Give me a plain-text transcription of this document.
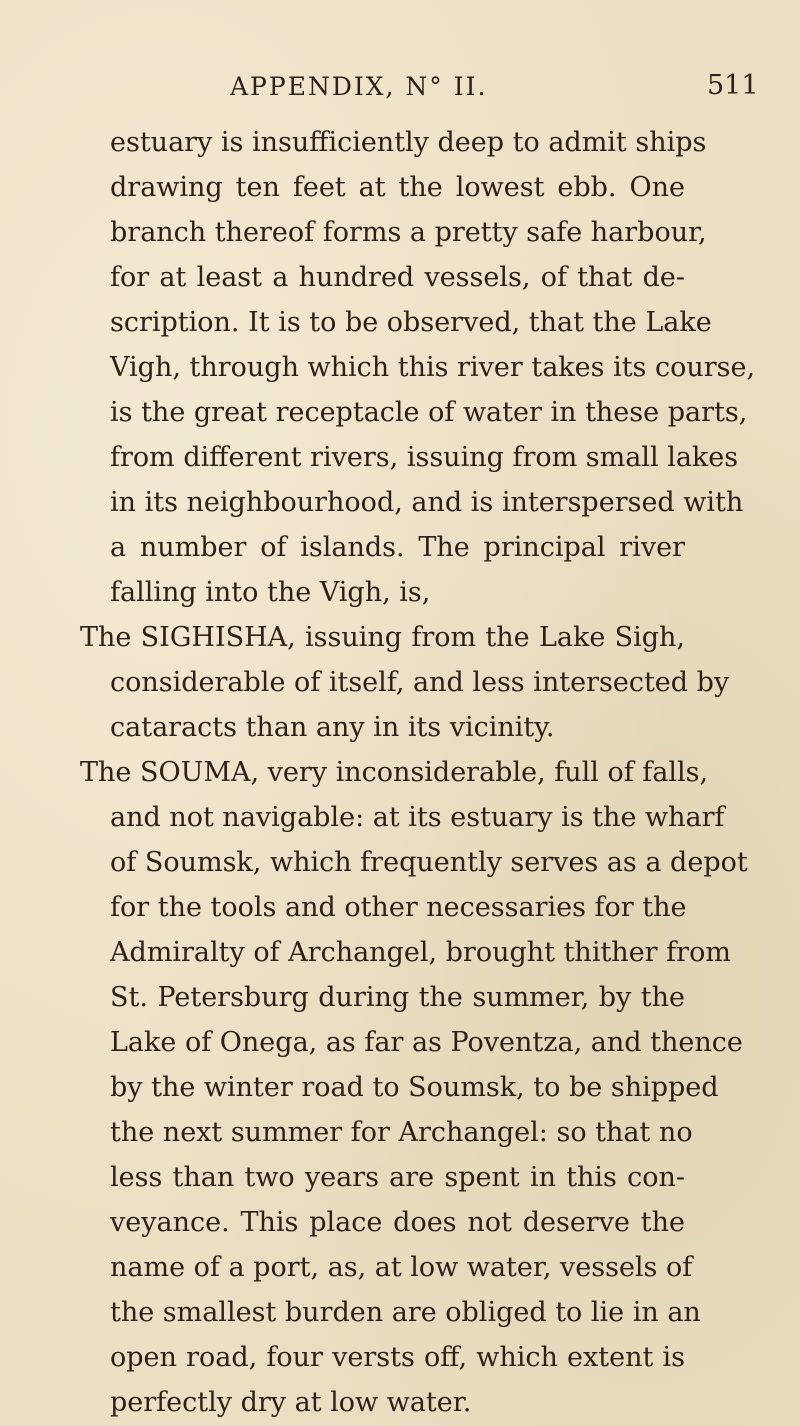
APPENDIX, N° II.	511
estuary is insufficiently deep to admit ships
drawing ten feet at the lowest ebb. One
branch thereof forms a pretty safe harbour,
for at least a hundred vessels, of that de-
scription. It is to be observed, that the Lake
Vigh, through which this river takes its course,
is the great receptacle of water in these parts,
from different rivers, issuing from small lakes
in its neighbourhood, and is interspersed with
a number of islands. The principal river
falling into the Vigh, is,
The SIGHISHA, issuing from the Lake Sigh,
considerable of itself, and less intersected by
cataracts than any in its vicinity.
The SOUMA, very inconsiderable, full of falls,
and not navigable: at its estuary is the wharf
of Soumsk, which frequently serves as a depot
for the tools and other necessaries for the
Admiralty of Archangel, brought thither from
St. Petersburg during the summer, by the
Lake of Onega, as far as Poventza, and thence
by the winter road to Soumsk, to be shipped
the next summer for Archangel: so that no
less than two years are spent in this con-
veyance. This place does not deserve the
name of a port, as, at low water, vessels of
the smallest burden are obliged to lie in an
open road, four versts off, which extent is
perfectly dry at low water.
